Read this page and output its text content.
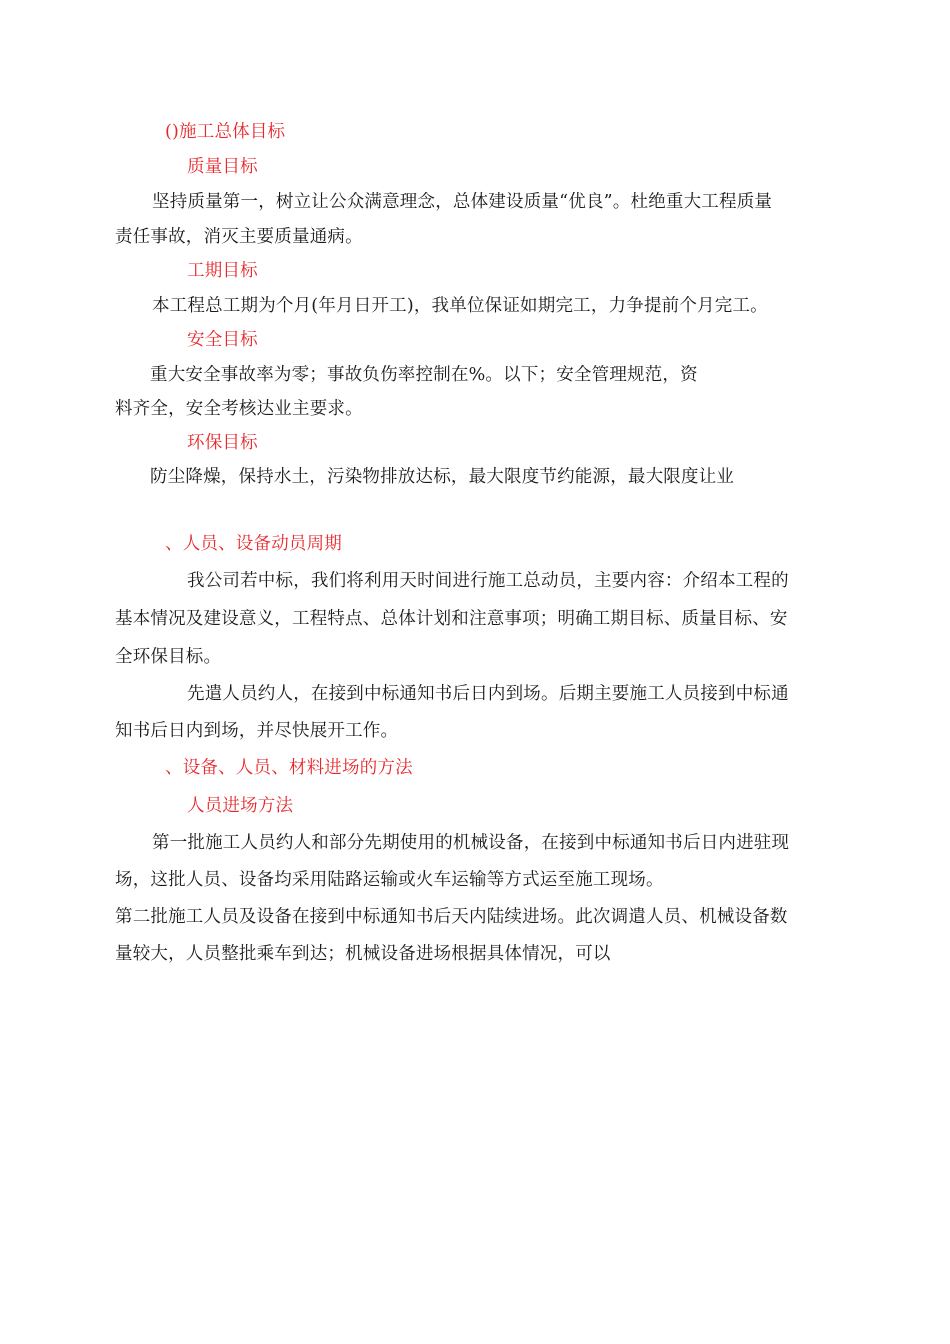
()施工总体目标
质量目标
坚持质量第一，树立让公众满意理念，总体建设质量“优良”。杜绝重大工程质量
责任事故，消灭主要质量通病。
工期目标
本工程总工期为个月(年月日开工)，我单位保证如期完工，力争提前个月完工。
安全目标
重大安全事故率为零；事故负伤率控制在%。以下；安全管理规范，资
料齐全，安全考核达业主要求。
环保目标
防尘降燥，保持水土，污染物排放达标，最大限度节约能源，最大限度让业
、人员、设备动员周期
我公司若中标，我们将利用天时间进行施工总动员，主要内容：介绍本工程的
基本情况及建设意义，工程特点、总体计划和注意事项；明确工期目标、质量目标、安
全环保目标。
先遣人员约人，在接到中标通知书后日内到场。后期主要施工人员接到中标通
知书后日内到场，并尽快展开工作。
、设备、人员、材料进场的方法
人员进场方法
第一批施工人员约人和部分先期使用的机械设备，在接到中标通知书后日内进驻现
场，这批人员、设备均采用陆路运输或火车运输等方式运至施工现场。
第二批施工人员及设备在接到中标通知书后天内陆续进场。此次调遣人员、机械设备数
量较大，人员整批乘车到达；机械设备进场根据具体情况，可以
